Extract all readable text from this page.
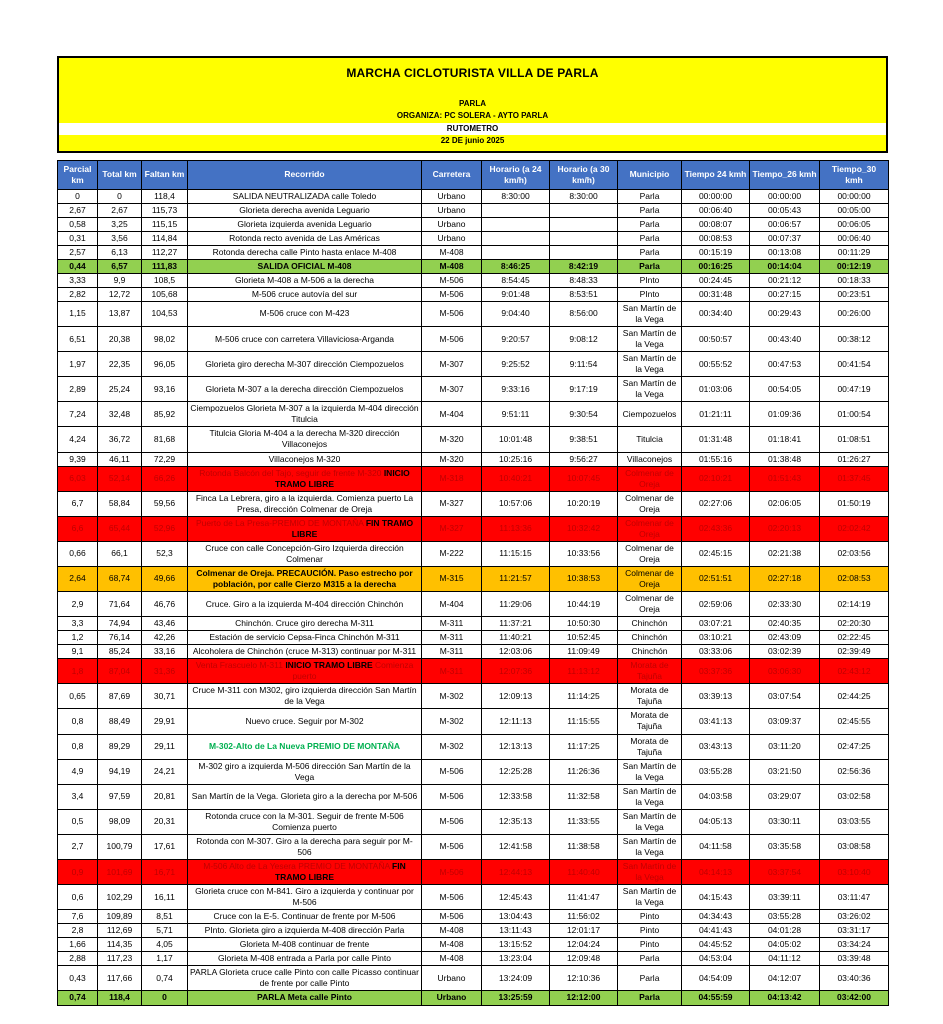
MARCHA CICLOTURISTA VILLA DE PARLA
PARLA
ORGANIZA: PC SOLERA - AYTO PARLA
RUTOMETRO
22 DE junio 2025
Parcial km	Total km	Faltan km	Recorrido	Carretera	Horario (a 24 km/h)	Horario (a 30 km/h)	Municipio	Tiempo 24 kmh	Tiempo_26 kmh	Tiempo_30 kmh
0	0	118,4	SALIDA NEUTRALIZADA calle Toledo	Urbano	8:30:00	8:30:00	Parla	00:00:00	00:00:00	00:00:00
2,67	2,67	115,73	Glorieta derecha avenida Leguario	Urbano			Parla	00:06:40	00:05:43	00:05:00
0,58	3,25	115,15	Glorieta izquierda avenida Leguario	Urbano			Parla	00:08:07	00:06:57	00:06:05
0,31	3,56	114,84	Rotonda recto avenida de Las Américas	Urbano			Parla	00:08:53	00:07:37	00:06:40
2,57	6,13	112,27	Rotonda derecha calle Pinto hasta enlace M-408	M-408			Parla	00:15:19	00:13:08	00:11:29
0,44	6,57	111,83	SALIDA OFICIAL M-408	M-408	8:46:25	8:42:19	Parla	00:16:25	00:14:04	00:12:19
3,33	9,9	108,5	Glorieta M-408 a M-506 a la derecha	M-506	8:54:45	8:48:33	PInto	00:24:45	00:21:12	00:18:33
2,82	12,72	105,68	M-506 cruce autovía del sur	M-506	9:01:48	8:53:51	PInto	00:31:48	00:27:15	00:23:51
1,15	13,87	104,53	M-506 cruce con M-423	M-506	9:04:40	8:56:00	San Martín de la Vega	00:34:40	00:29:43	00:26:00
6,51	20,38	98,02	M-506 cruce con carretera Villaviciosa-Arganda	M-506	9:20:57	9:08:12	San Martín de la Vega	00:50:57	00:43:40	00:38:12
1,97	22,35	96,05	Glorieta giro derecha M-307 dirección Ciempozuelos	M-307	9:25:52	9:11:54	San Martín de la Vega	00:55:52	00:47:53	00:41:54
2,89	25,24	93,16	Glorieta M-307 a la derecha dirección Ciempozuelos	M-307	9:33:16	9:17:19	San Martín de la Vega	01:03:06	00:54:05	00:47:19
7,24	32,48	85,92	Ciempozuelos Glorieta M-307 a la izquierda M-404 dirección Titulcia	M-404	9:51:11	9:30:54	Ciempozuelos	01:21:11	01:09:36	01:00:54
4,24	36,72	81,68	Titulcia Gloria M-404 a la derecha M-320 dirección Villaconejos	M-320	10:01:48	9:38:51	Titulcia	01:31:48	01:18:41	01:08:51
9,39	46,11	72,29	Villaconejos M-320	M-320	10:25:16	9:56:27	Villaconejos	01:55:16	01:38:48	01:26:27
6,03	52,14	66,26	Rotonda Balcón del Tajo, seguir de frente M-320 INICIO TRAMO LIBRE	M-318	10:40:21	10:07:45	Colmenar de Oreja	02:10:21	01:51:43	01:37:45
6,7	58,84	59,56	Finca La Lebrera, giro a la izquierda. Comienza puerto La Presa, dirección Colmenar de Oreja	M-327	10:57:06	10:20:19	Colmenar de Oreja	02:27:06	02:06:05	01:50:19
6,6	65,44	52,96	Puerto de La Presa-PREMIO DE MONTAÑA FIN TRAMO LIBRE	M-327	11:13:36	10:32:42	Colmenar de Oreja	02:43:36	02:20:13	02:02:42
0,66	66,1	52,3	Cruce con calle Concepción-Giro Izquierda dirección Colmenar	M-222	11:15:15	10:33:56	Colmenar de Oreja	02:45:15	02:21:38	02:03:56
2,64	68,74	49,66	Colmenar de Oreja. PRECAUCIÓN. Paso estrecho por población, por calle Cierzo M315 a la derecha	M-315	11:21:57	10:38:53	Colmenar de Oreja	02:51:51	02:27:18	02:08:53
2,9	71,64	46,76	Cruce. Giro a la izquierda M-404 dirección Chinchón	M-404	11:29:06	10:44:19	Colmenar de Oreja	02:59:06	02:33:30	02:14:19
3,3	74,94	43,46	Chinchón. Cruce giro derecha M-311	M-311	11:37:21	10:50:30	Chinchón	03:07:21	02:40:35	02:20:30
1,2	76,14	42,26	Estación de servicio Cepsa-Finca Chinchón M-311	M-311	11:40:21	10:52:45	Chinchón	03:10:21	02:43:09	02:22:45
9,1	85,24	33,16	Alcoholera de Chinchón (cruce M-313) continuar por M-311	M-311	12:03:06	11:09:49	Chinchón	03:33:06	03:02:39	02:39:49
1,8	87,04	31,36	Venta Frascuelo M-311 INICIO TRAMO LIBRE Comienza puerto	M-311	12:07:36	11:13:12	Morata de Tajuña	03:37:36	03:06:30	02:43:12
0,65	87,69	30,71	Cruce M-311 con M302, giro izquierda dirección San Martín de la Vega	M-302	12:09:13	11:14:25	Morata de Tajuña	03:39:13	03:07:54	02:44:25
0,8	88,49	29,91	Nuevo cruce. Seguir por M-302	M-302	12:11:13	11:15:55	Morata de Tajuña	03:41:13	03:09:37	02:45:55
0,8	89,29	29,11	M-302-Alto de La Nueva PREMIO DE MONTAÑA	M-302	12:13:13	11:17:25	Morata de Tajuña	03:43:13	03:11:20	02:47:25
4,9	94,19	24,21	M-302 giro a izquierda M-506 dirección San Martín de la Vega	M-506	12:25:28	11:26:36	San Martín de la Vega	03:55:28	03:21:50	02:56:36
3,4	97,59	20,81	San Martín de la Vega. Glorieta giro a la derecha por M-506	M-506	12:33:58	11:32:58	San Martín de la Vega	04:03:58	03:29:07	03:02:58
0,5	98,09	20,31	Rotonda cruce con la M-301. Seguir de frente M-506 Comienza puerto	M-506	12:35:13	11:33:55	San Martín de la Vega	04:05:13	03:30:11	03:03:55
2,7	100,79	17,61	Rotonda con M-307. Giro a la derecha para seguir por M-506	M-506	12:41:58	11:38:58	San Martín de la Vega	04:11:58	03:35:58	03:08:58
0,9	101,69	16,71	M-506 Alto de La Yesera PREMIO DE MONTAÑA FIN TRAMO LIBRE	M-506	12:44:13	11:40:40	San Martín de la Vega	04:14:13	03:37:54	03:10:40
0,6	102,29	16,11	Glorieta cruce con M-841. Giro a izquierda y continuar por M-506	M-506	12:45:43	11:41:47	San Martín de la Vega	04:15:43	03:39:11	03:11:47
7,6	109,89	8,51	Cruce con la E-5. Continuar de frente por M-506	M-506	13:04:43	11:56:02	Pinto	04:34:43	03:55:28	03:26:02
2,8	112,69	5,71	PInto. Glorieta giro a izquierda M-408 dirección Parla	M-408	13:11:43	12:01:17	Pinto	04:41:43	04:01:28	03:31:17
1,66	114,35	4,05	Glorieta M-408 continuar de frente	M-408	13:15:52	12:04:24	Pinto	04:45:52	04:05:02	03:34:24
2,88	117,23	1,17	Glorieta M-408 entrada a Parla por calle Pinto	M-408	13:23:04	12:09:48	Parla	04:53:04	04:11:12	03:39:48
0,43	117,66	0,74	PARLA Glorieta cruce calle Pinto con calle Picasso continuar de frente por calle Pinto	Urbano	13:24:09	12:10:36	Parla	04:54:09	04:12:07	03:40:36
0,74	118,4	0	PARLA Meta calle Pinto	Urbano	13:25:59	12:12:00	Parla	04:55:59	04:13:42	03:42:00
